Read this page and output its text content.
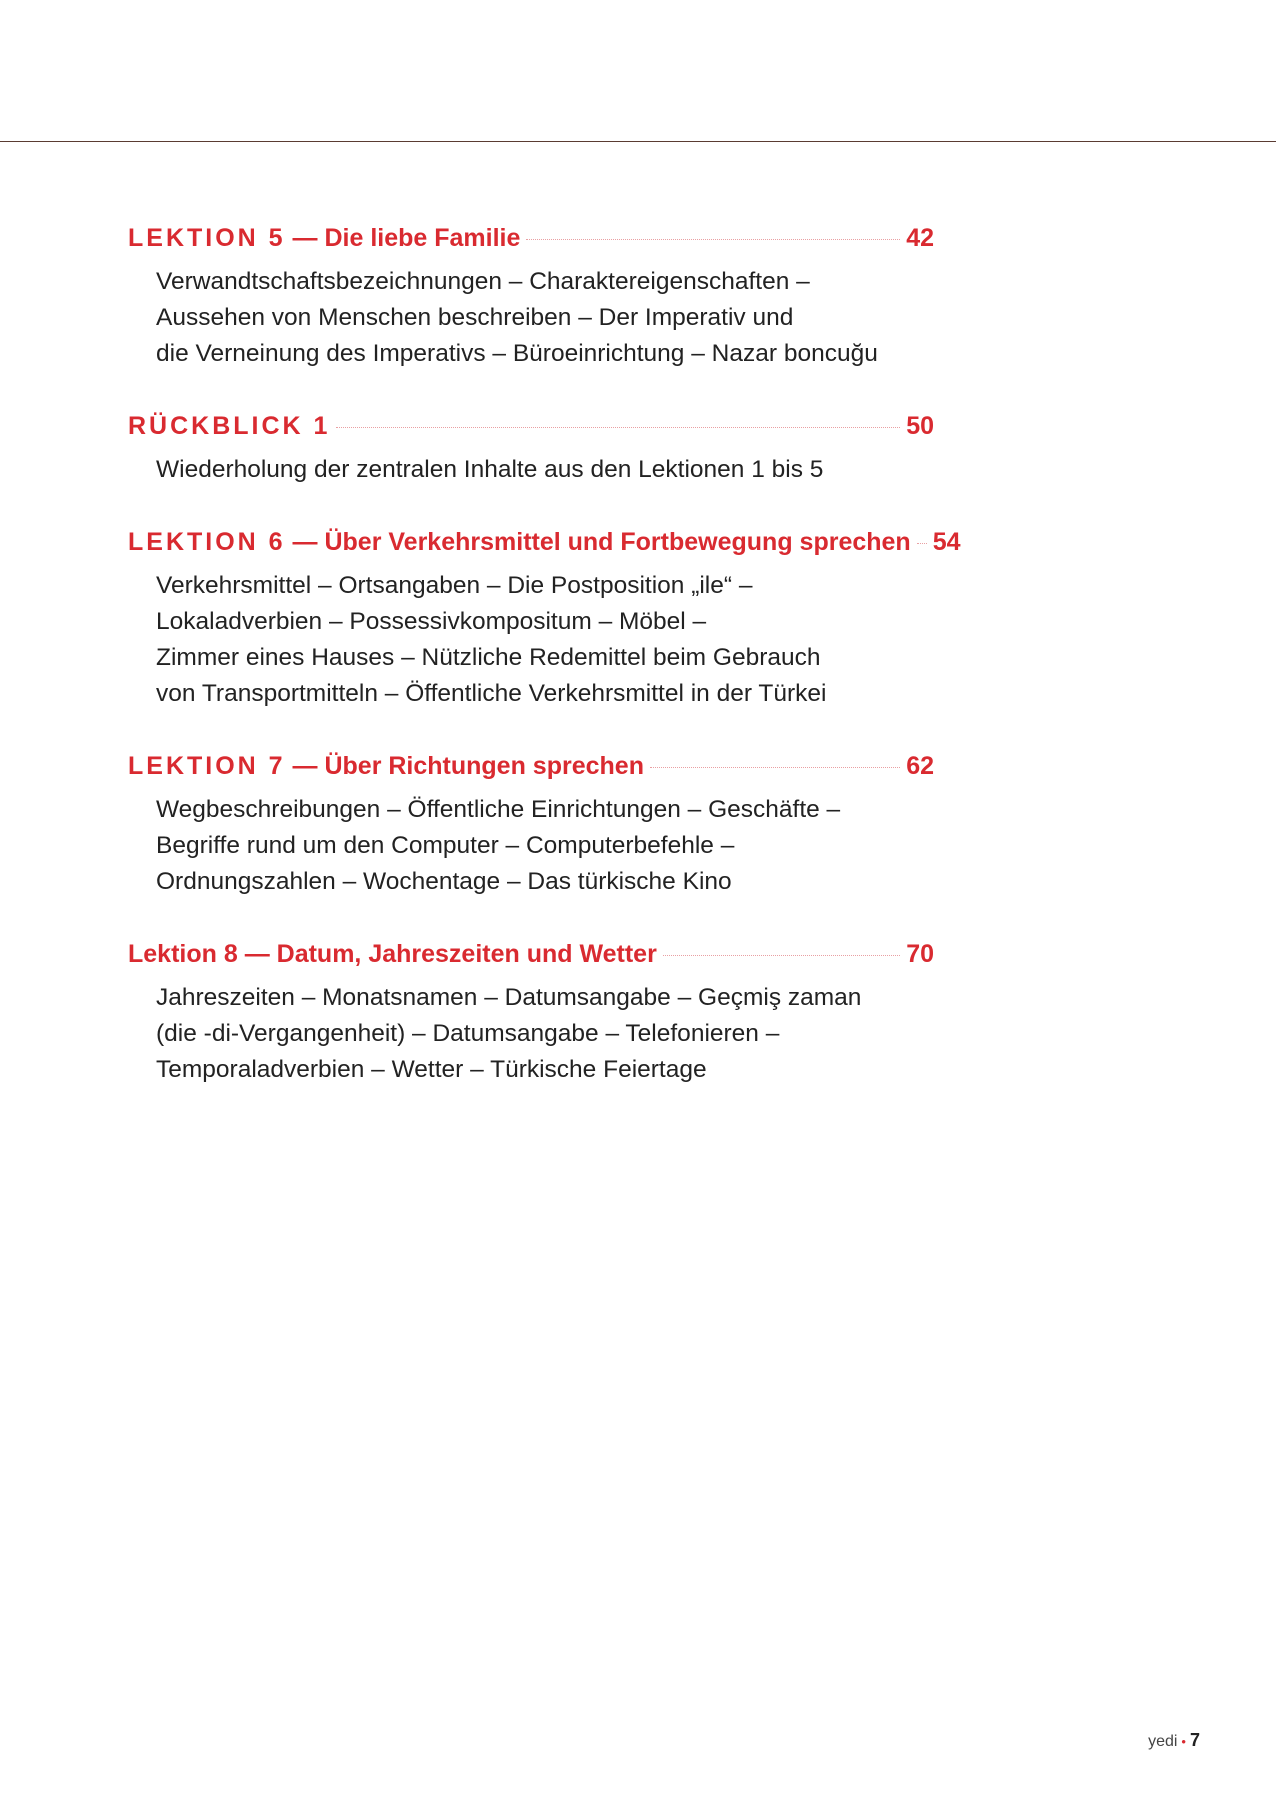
LEKTION 5 — Die liebe Familie	42
Verwandtschaftsbezeichnungen – Charaktereigenschaften –
Aussehen von Menschen beschreiben – Der Imperativ und
die Verneinung des Imperativs – Büroeinrichtung – Nazar boncuğu
RÜCKBLICK 1	50
Wiederholung der zentralen Inhalte aus den Lektionen 1 bis 5
LEKTION 6 — Über Verkehrsmittel und Fortbewegung sprechen 54
Verkehrsmittel – Ortsangaben – Die Postposition „ile“ –
Lokaladverbien – Possessivkompositum – Möbel –
Zimmer eines Hauses – Nützliche Redemittel beim Gebrauch
von Transportmitteln – Öffentliche Verkehrsmittel in der Türkei
LEKTION 7 — Über Richtungen sprechen	62
Wegbeschreibungen – Öffentliche Einrichtungen – Geschäfte –
Begriffe rund um den Computer – Computerbefehle –
Ordnungszahlen – Wochentage – Das türkische Kino
Lektion 8 — Datum, Jahreszeiten und Wetter	70
Jahreszeiten – Monatsnamen – Datumsangabe – Geçmiş zaman
(die -di-Vergangenheit) – Datumsangabe – Telefonieren –
Temporaladverbien – Wetter – Türkische Feiertage
yedi • 7
